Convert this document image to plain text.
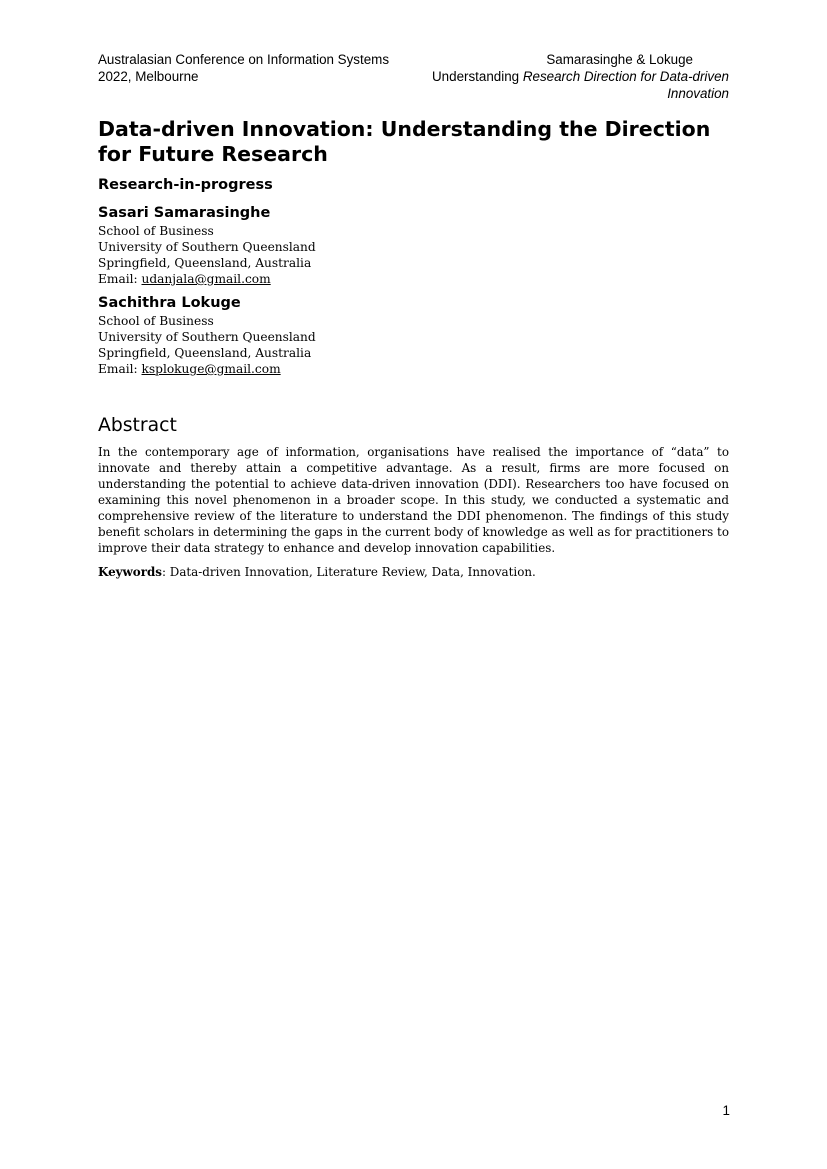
Australasian Conference on Information Systems
2022, Melbourne
Samarasinghe & Lokuge
Understanding Research Direction for Data-driven Innovation
Data-driven Innovation: Understanding the Direction for Future Research
Research-in-progress
Sasari Samarasinghe
School of Business
University of Southern Queensland
Springfield, Queensland, Australia
Email: udanjala@gmail.com
Sachithra Lokuge
School of Business
University of Southern Queensland
Springfield, Queensland, Australia
Email: ksplokuge@gmail.com
Abstract

In the contemporary age of information, organisations have realised the importance of “data” to innovate and thereby attain a competitive advantage. As a result, firms are more focused on understanding the potential to achieve data-driven innovation (DDI). Researchers too have focused on examining this novel phenomenon in a broader scope. In this study, we conducted a systematic and comprehensive review of the literature to understand the DDI phenomenon. The findings of this study benefit scholars in determining the gaps in the current body of knowledge as well as for practitioners to improve their data strategy to enhance and develop innovation capabilities.

Keywords: Data-driven Innovation, Literature Review, Data, Innovation.

1
